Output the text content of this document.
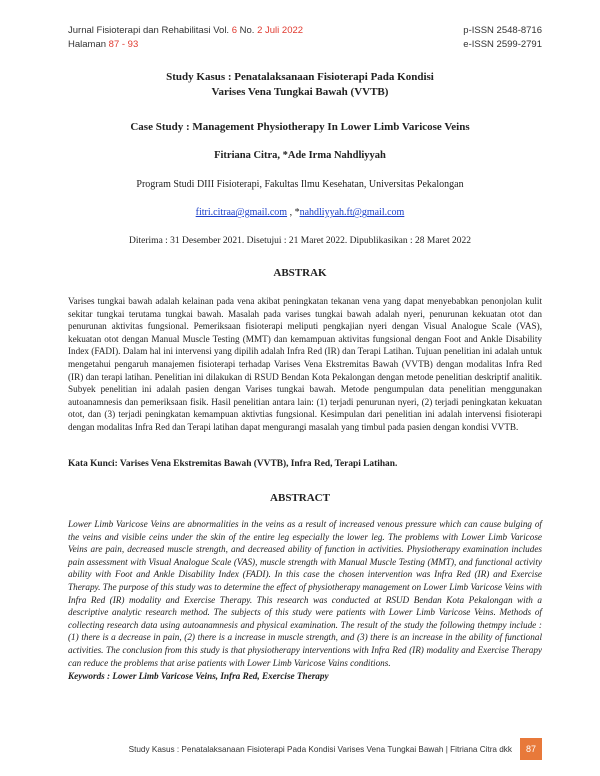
Jurnal Fisioterapi dan Rehabilitasi Vol. 6 No. 2 Juli 2022
Halaman 87 - 93
p-ISSN 2548-8716
e-ISSN 2599-2791
Study Kasus : Penatalaksanaan Fisioterapi Pada Kondisi
Varises Vena Tungkai Bawah (VVTB)
Case Study : Management Physiotherapy In Lower Limb Varicose Veins
Fitriana Citra, *Ade Irma Nahdliyyah
Program Studi DIII Fisioterapi, Fakultas Ilmu Kesehatan, Universitas Pekalongan
fitri.citraa@gmail.com , *nahdliyyah.ft@gmail.com
Diterima : 31 Desember 2021. Disetujui : 21 Maret 2022. Dipublikasikan : 28 Maret 2022
ABSTRAK
Varises tungkai bawah adalah kelainan pada vena akibat peningkatan tekanan vena yang dapat menyebabkan penonjolan kulit sekitar tungkai terutama tungkai bawah. Masalah pada varises tungkai bawah adalah nyeri, penurunan kekuatan otot dan penurunan aktivitas fungsional. Pemeriksaan fisioterapi meliputi pengkajian nyeri dengan Visual Analogue Scale (VAS), kekuatan otot dengan Manual Muscle Testing (MMT) dan kemampuan aktivitas fungsional dengan Foot and Ankle Disability Index (FADI). Dalam hal ini intervensi yang dipilih adalah Infra Red (IR) dan Terapi Latihan. Tujuan penelitian ini adalah untuk mengetahui pengaruh manajemen fisioterapi terhadap Varises Vena Ekstremitas Bawah (VVTB) dengan modalitas Infra Red (IR) dan terapi latihan. Penelitian ini dilakukan di RSUD Bendan Kota Pekalongan dengan metode penelitian deskriptif analitik. Subyek penelitian ini adalah pasien dengan Varises tungkai bawah. Metode pengumpulan data penelitian menggunakan autoanamnesis dan pemeriksaan fisik. Hasil penelitian antara lain: (1) terjadi penurunan nyeri, (2) terjadi peningkatan kekuatan otot, dan (3) terjadi peningkatan kemampuan aktivtias fungsional. Kesimpulan dari penelitian ini adalah intervensi fisioterapi dengan modalitas Infra Red dan Terapi latihan dapat mengurangi masalah yang timbul pada pasien dengan kondisi VVTB.
Kata Kunci: Varises Vena Ekstremitas Bawah (VVTB), Infra Red, Terapi Latihan.
ABSTRACT
Lower Limb Varicose Veins are abnormalities in the veins as a result of increased venous pressure which can cause bulging of the veins and visible ceins under the skin of the entire leg especially the lower leg. The problems with Lower Limb Varicose Veins are pain, decreased muscle strength, and decreased ability of function in activities. Physiotherapy examination includes pain assessment with Visual Analogue Scale (VAS), muscle strength with Manual Muscle Testing (MMT), and functional activity ability with Foot and Ankle Disability Index (FADI). In this case the chosen intervention was Infra Red (IR) and Exercise Therapy. The purpose of this study was to determine the effect of physiotherapy management on Lower Limb Varicose Veins with Infra Red (IR) modality and Exercise Therapy. This research was conducted at RSUD Bendan Kota Pekalongan with a descriptive analytic research method. The subjects of this study were patients with Lower Limb Varicose Veins. Methods of collecting research data using autoanamnesis and physical examination. The result of the study the following thetmpy include : (1) there is a decrease in pain, (2) there is a increase in muscle strength, and (3) there is an increase in the ability of functional activities. The conclusion from this study is that physiotherapy interventions with Infra Red (IR) modality and Exercise Therapy can reduce the problems that arise patients with Lower Limb Varicose Vains conditions.
Keywords : Lower Limb Varicose Veins, Infra Red, Exercise Therapy
Study Kasus : Penatalaksanaan Fisioterapi Pada Kondisi Varises Vena Tungkai Bawah | Fitriana Citra dkk	87
